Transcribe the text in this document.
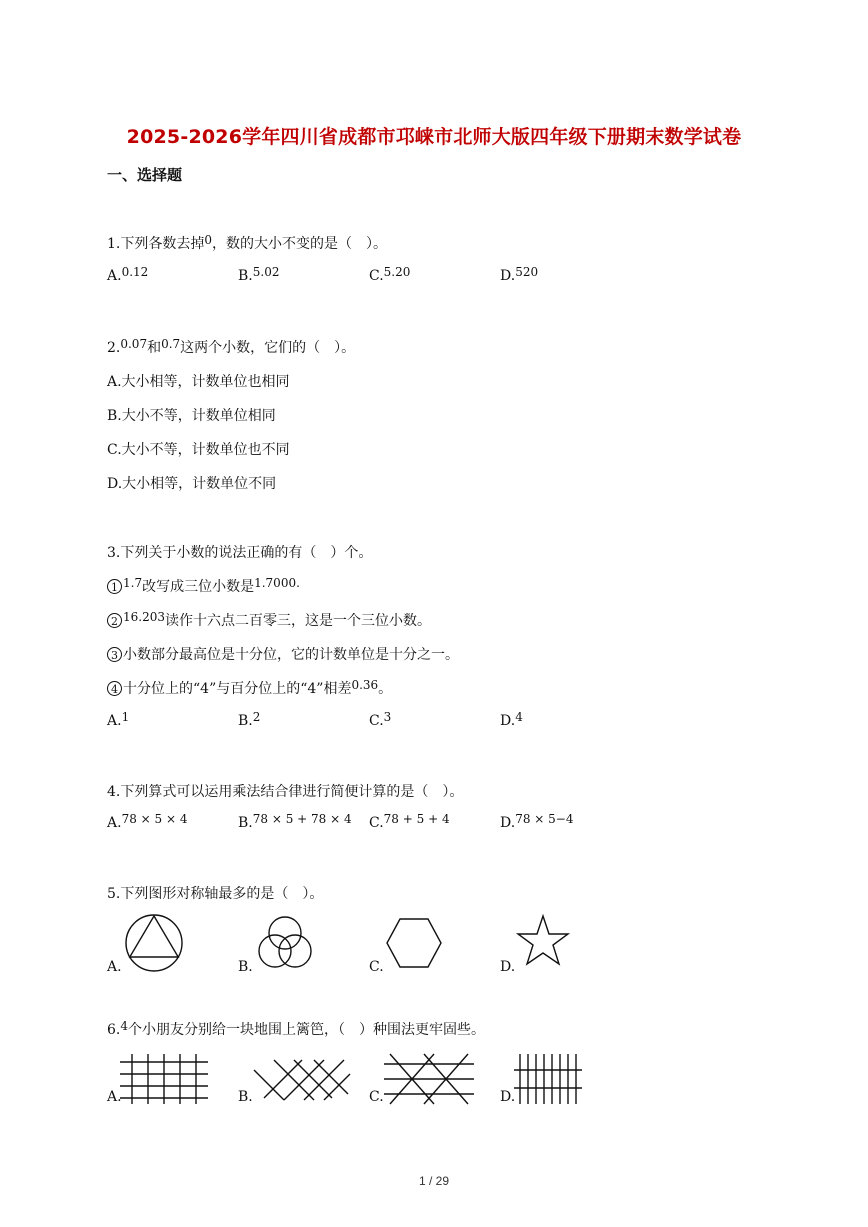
2025-2026学年四川省成都市邛崃市北师大版四年级下册期末数学试卷
一、选择题
1.下列各数去掉0，数的大小不变的是（　）。
A.0.12	B.5.02	C.5.20	D.520
2.0.07和0.7这两个小数，它们的（　）。
A.大小相等，计数单位也相同
B.大小不等，计数单位相同
C.大小不等，计数单位也不同
D.大小相等，计数单位不同
3.下列关于小数的说法正确的有（　）个。
1 1.7改写成三位小数是1.7000.
2 16.203读作十六点二百零三，这是一个三位小数。
3 小数部分最高位是十分位，它的计数单位是十分之一。
4 十分位上的“4”与百分位上的“4”相差0.36。
A.1	B.2	C.3	D.4
4.下列算式可以运用乘法结合律进行简便计算的是（　）。
A.78 × 5 × 4	B.78 × 5 + 78 × 4 C.78 + 5 + 4	D.78 × 5−4
5.下列图形对称轴最多的是（　）。
A.	B.	C.	D.
6.4个小朋友分别给一块地围上篱笆，（　）种围法更牢固些。
A.	B.	C.	D.
1 / 29
